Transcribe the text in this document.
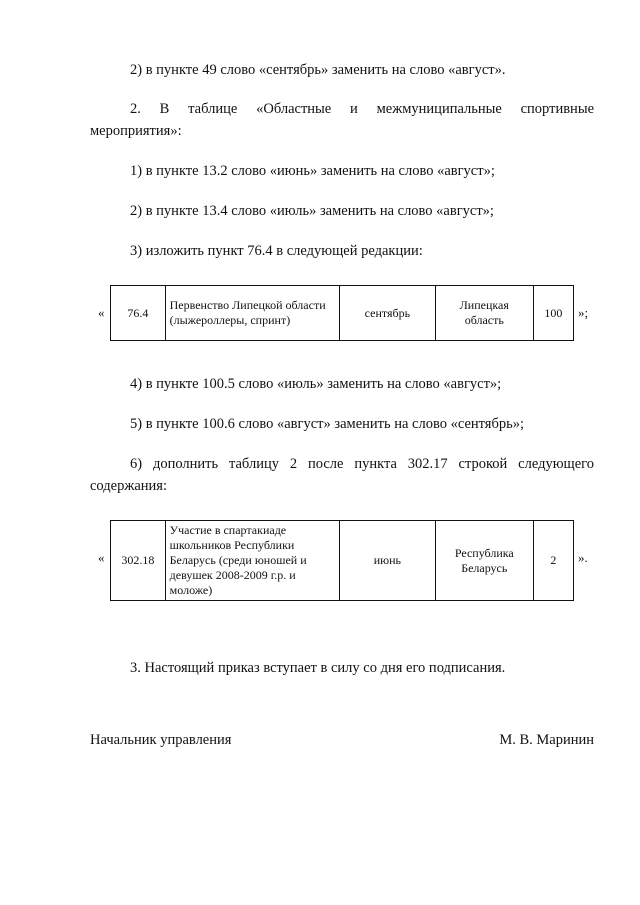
2) в пункте 49 слово «сентябрь» заменить на слово «август».
2. В таблице «Областные и межмуниципальные спортивные
мероприятия»:
1) в пункте 13.2 слово «июнь» заменить на слово «август»;
2) в пункте 13.4 слово «июль» заменить на слово «август»;
3) изложить пункт 76.4 в следующей редакции:
« 76.4	Первенство Липецкой области (лыжероллеры, спринт)	сентябрь	Липецкая область	100 »;
4) в пункте 100.5 слово «июль» заменить на слово «август»;
5) в пункте 100.6 слово «август» заменить на слово «сентябрь»;
6) дополнить таблицу 2 после пункта 302.17 строкой следующего
содержания:
« 302.18	Участие в спартакиаде школьников Республики Беларусь (среди юношей и девушек 2008-2009 г.р. и моложе)	июнь	Республика Беларусь	2 ».
3. Настоящий приказ вступает в силу со дня его подписания.
Начальник управления	М. В. Маринин
